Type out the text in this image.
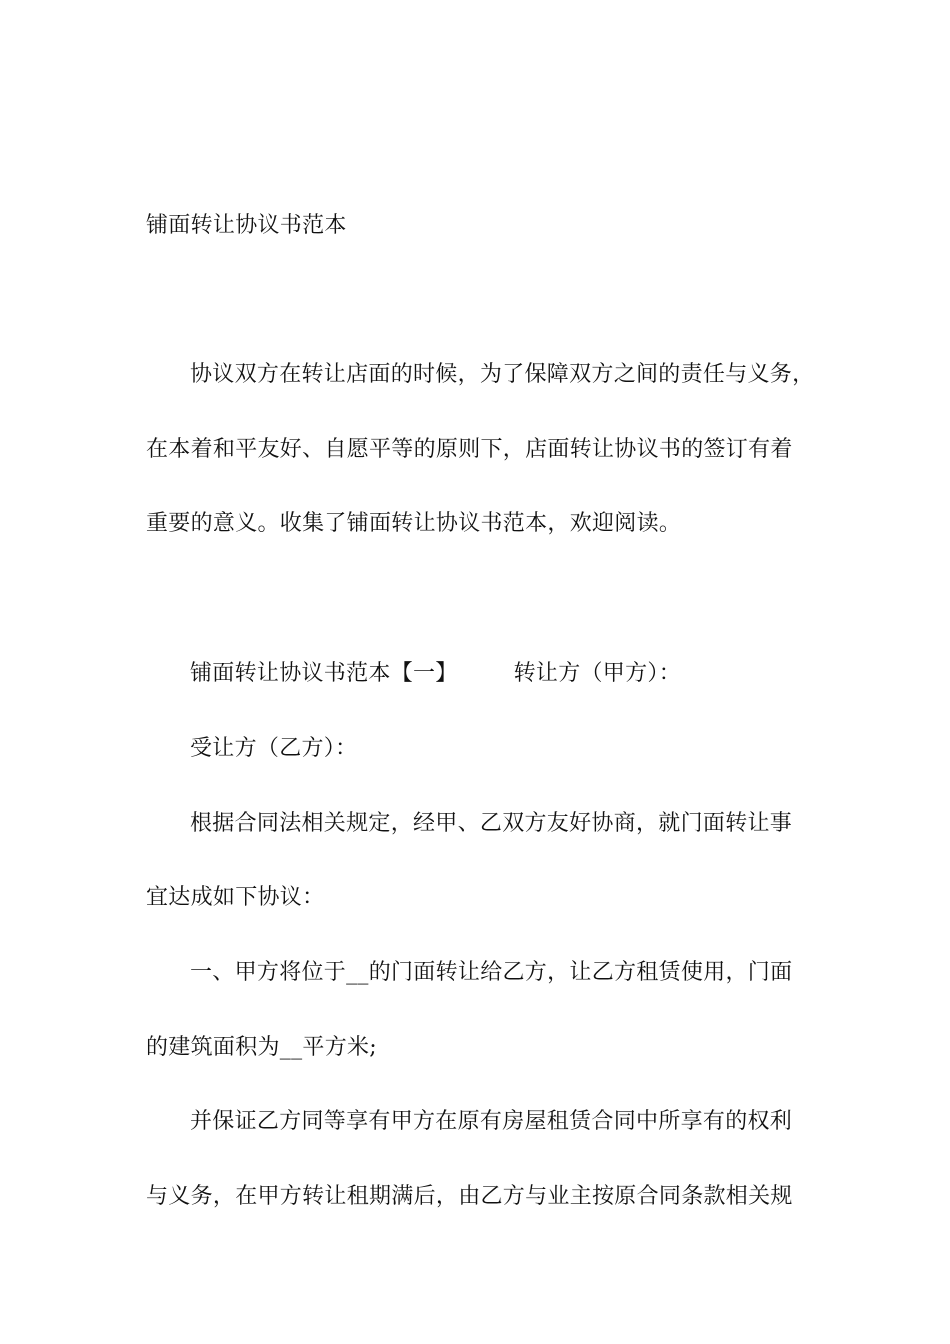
铺面转让协议书范本
协议双方在转让店面的时候，为了保障双方之间的责任与义务，
在本着和平友好、自愿平等的原则下，店面转让协议书的签订有着
重要的意义。收集了铺面转让协议书范本，欢迎阅读。
铺面转让协议书范本【一】	转让方（甲方）：
受让方（乙方）：
根据合同法相关规定，经甲、乙双方友好协商，就门面转让事
宜达成如下协议：
一、甲方将位于__的门面转让给乙方，让乙方租赁使用，门面
的建筑面积为__平方米;
并保证乙方同等享有甲方在原有房屋租赁合同中所享有的权利
与义务，在甲方转让租期满后，由乙方与业主按原合同条款相关规
